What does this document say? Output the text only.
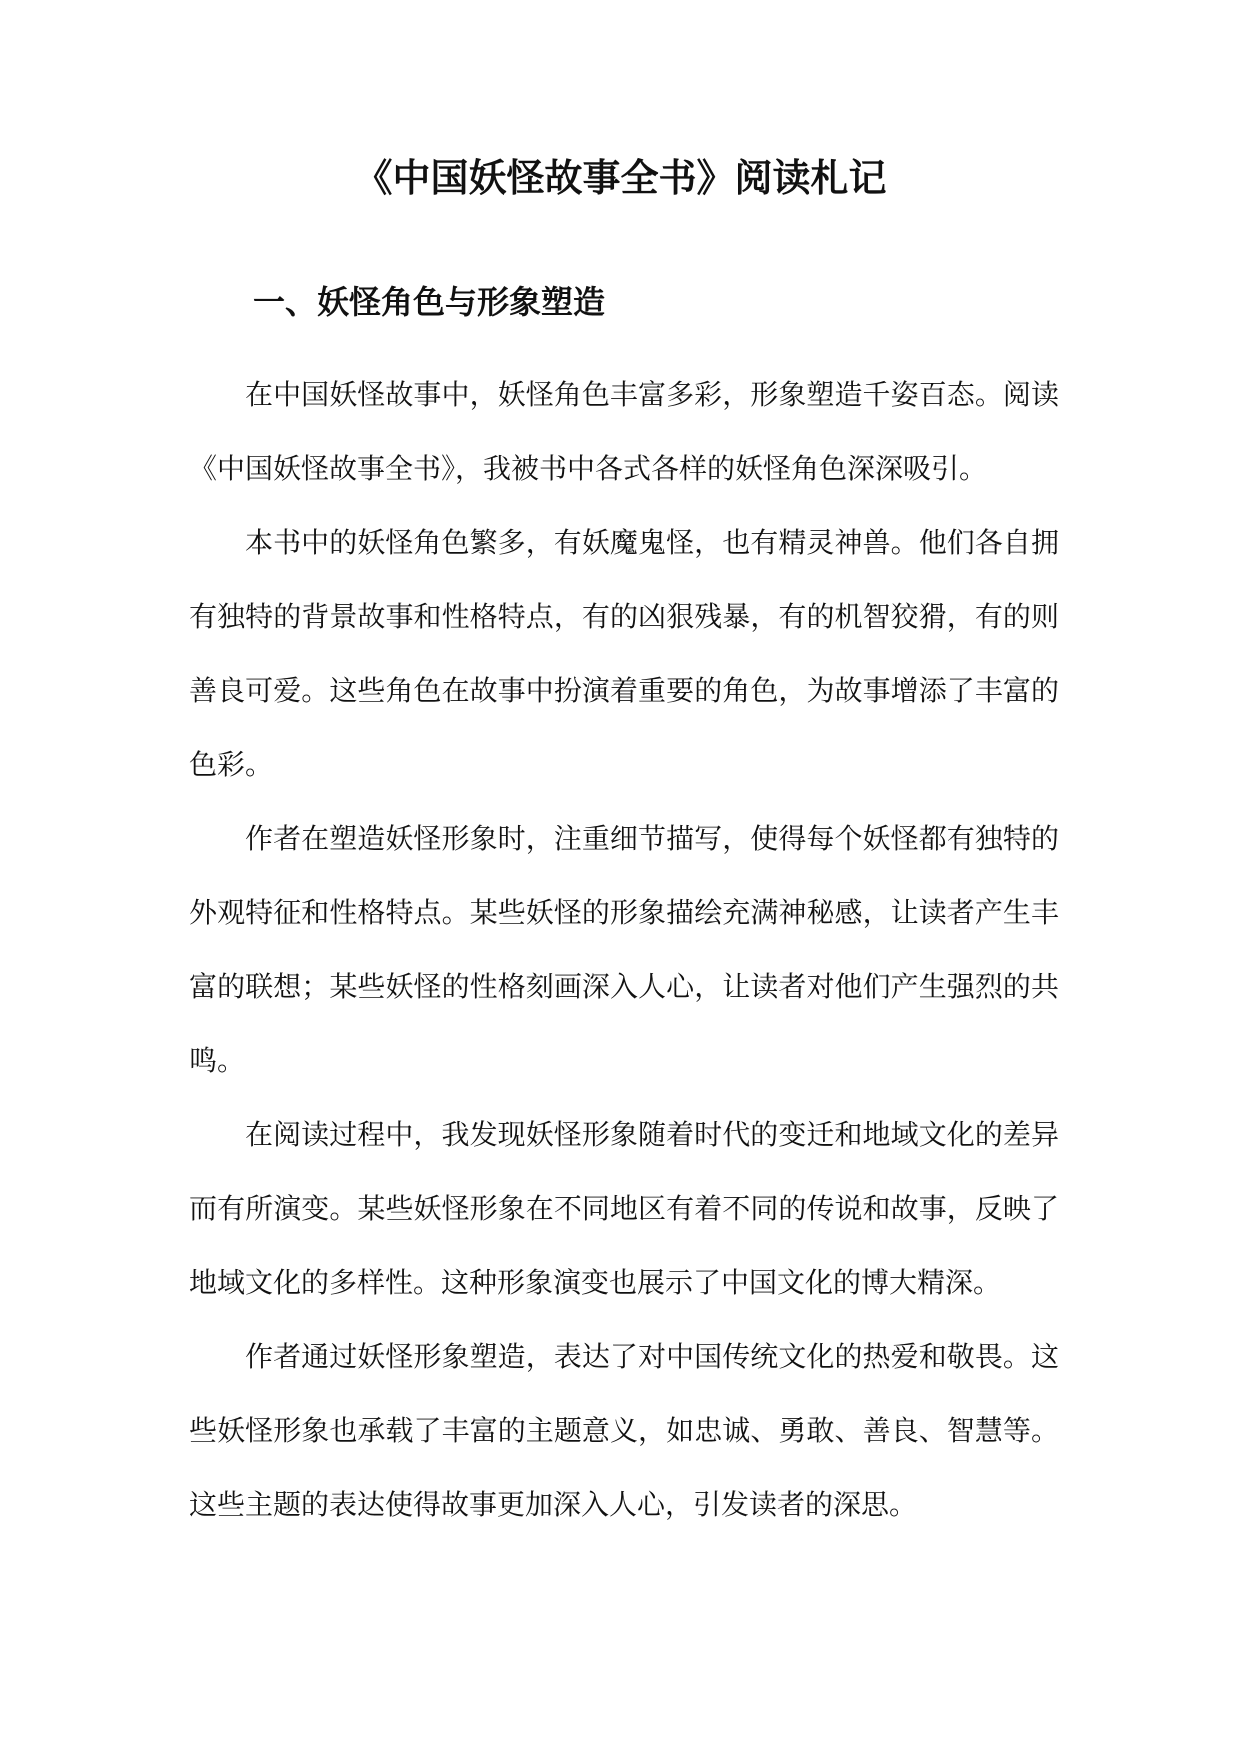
《中国妖怪故事全书》阅读札记
一、妖怪角色与形象塑造

在中国妖怪故事中，妖怪角色丰富多彩，形象塑造千姿百态。阅读《中国妖怪故事全书》，我被书中各式各样的妖怪角色深深吸引。

本书中的妖怪角色繁多，有妖魔鬼怪，也有精灵神兽。他们各自拥有独特的背景故事和性格特点，有的凶狠残暴，有的机智狡猾，有的则善良可爱。这些角色在故事中扮演着重要的角色，为故事增添了丰富的色彩。

作者在塑造妖怪形象时，注重细节描写，使得每个妖怪都有独特的外观特征和性格特点。某些妖怪的形象描绘充满神秘感，让读者产生丰富的联想；某些妖怪的性格刻画深入人心，让读者对他们产生强烈的共鸣。

在阅读过程中，我发现妖怪形象随着时代的变迁和地域文化的差异而有所演变。某些妖怪形象在不同地区有着不同的传说和故事，反映了地域文化的多样性。这种形象演变也展示了中国文化的博大精深。

作者通过妖怪形象塑造，表达了对中国传统文化的热爱和敬畏。这些妖怪形象也承载了丰富的主题意义，如忠诚、勇敢、善良、智慧等。这些主题的表达使得故事更加深入人心，引发读者的深思。
